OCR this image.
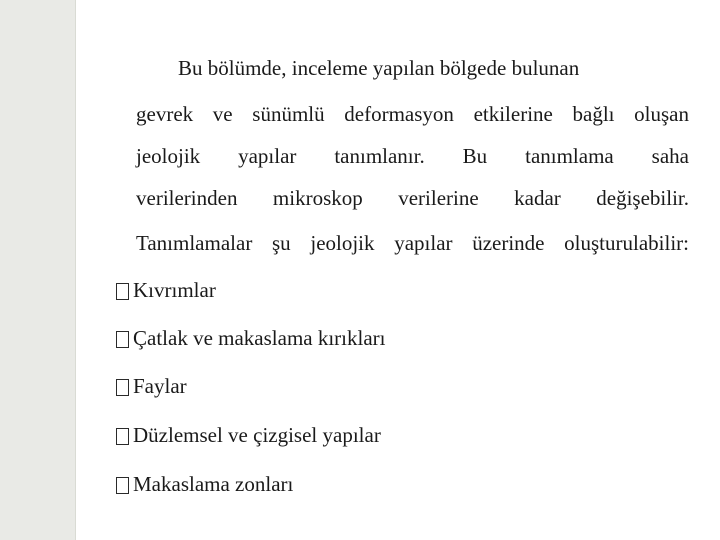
Bu bölümde, inceleme yapılan bölgede bulunan
gevrek ve sünümlü deformasyon etkilerine bağlı oluşan
jeolojik yapılar tanımlanır. Bu tanımlama saha
verilerinden mikroskop verilerine kadar değişebilir.
Tanımlamalar şu jeolojik yapılar üzerinde oluşturulabilir:
Kıvrımlar
Çatlak ve makaslama kırıkları
Faylar
Düzlemsel ve çizgisel yapılar
Makaslama zonları
